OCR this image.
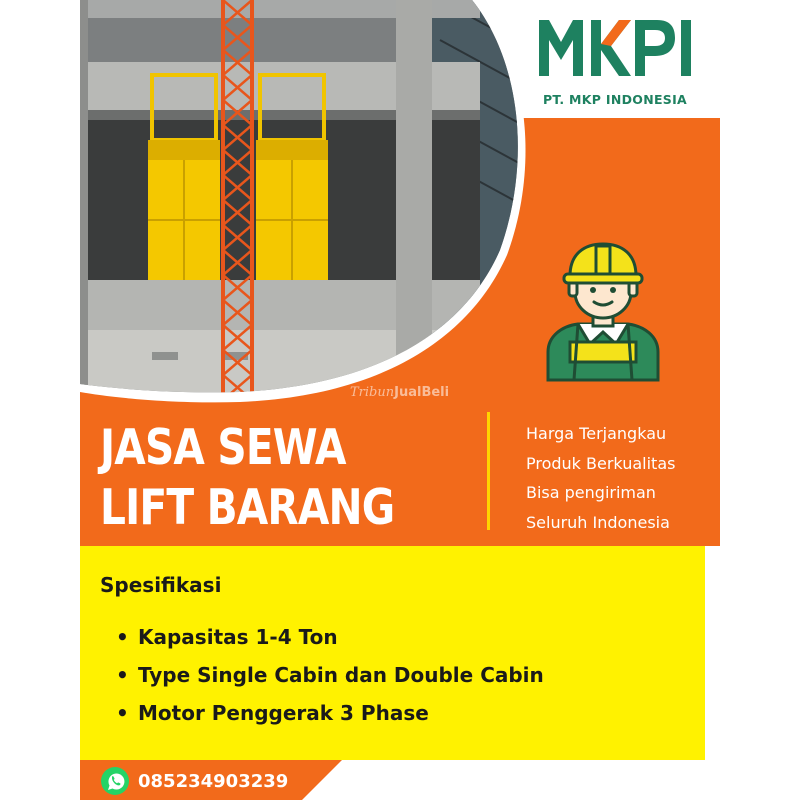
PT. MKP INDONESIA
TribunJualBeli
JASA SEWA
LIFT BARANG
Harga Terjangkau
Produk Berkualitas
Bisa pengiriman
Seluruh Indonesia
Spesifikasi
• Kapasitas 1-4 Ton
• Type Single Cabin dan Double Cabin
• Motor Penggerak 3 Phase
085234903239
